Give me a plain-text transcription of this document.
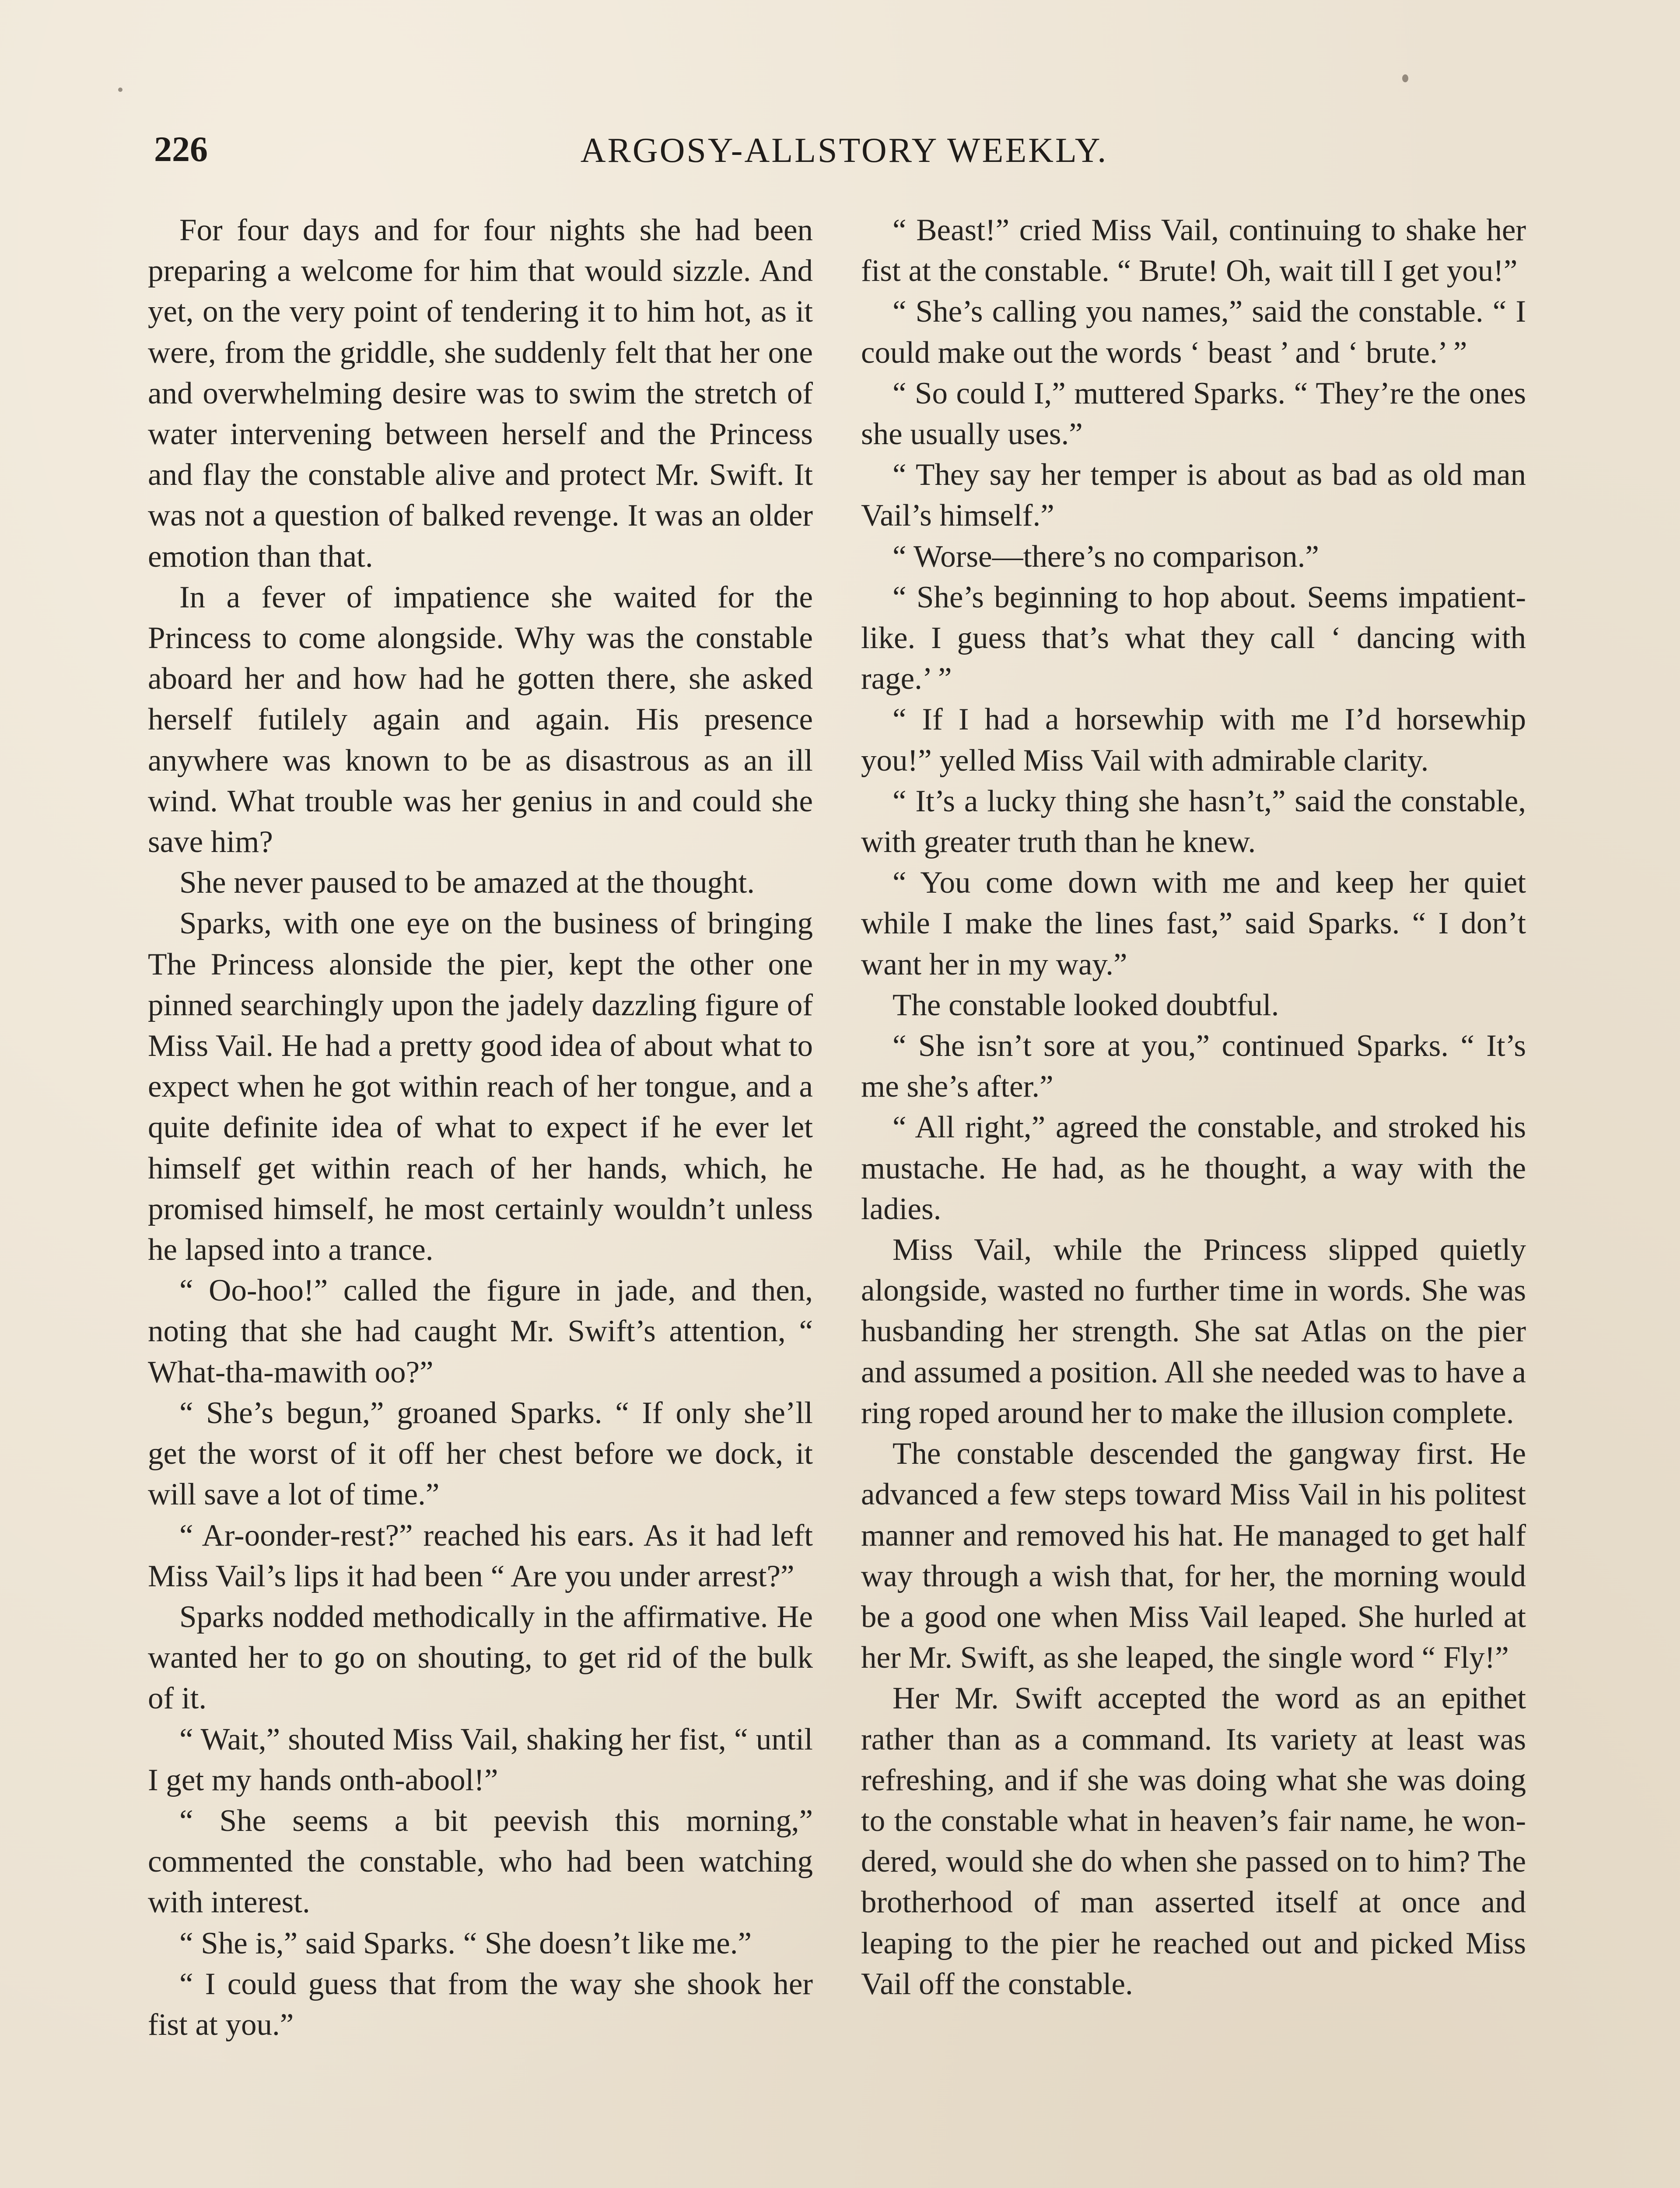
226	ARGOSY-ALLSTORY WEEKLY.

For four days and for four nights she had been preparing a welcome for him that would sizzle. And yet, on the very point of tendering it to him hot, as it were, from the griddle, she suddenly felt that her one and overwhelming desire was to swim the stretch of water intervening between herself and the Princess and flay the constable alive and protect Mr. Swift. It was not a question of balked revenge. It was an older emotion than that.

In a fever of impatience she waited for the Princess to come alongside. Why was the constable aboard her and how had he gotten there, she asked herself futilely again and again. His presence anywhere was known to be as disastrous as an ill wind. What trouble was her genius in and could she save him?

She never paused to be amazed at the thought.

Sparks, with one eye on the business of bringing The Princess alonside the pier, kept the other one pinned searchingly upon the jadely dazzling figure of Miss Vail. He had a pretty good idea of about what to expect when he got within reach of her tongue, and a quite definite idea of what to expect if he ever let himself get within reach of her hands, which, he promised himself, he most certainly wouldn’t unless he lapsed into a trance.

“ Oo-hoo!” called the figure in jade, and then, noting that she had caught Mr. Swift’s attention, “ What-tha-mawith oo?”

“ She’s begun,” groaned Sparks. “ If only she’ll get the worst of it off her chest before we dock, it will save a lot of time.”

“ Ar-oonder-rest?” reached his ears. As it had left Miss Vail’s lips it had been “ Are you under arrest?”

Sparks nodded methodically in the affirmative. He wanted her to go on shouting, to get rid of the bulk of it.

“ Wait,” shouted Miss Vail, shaking her fist, “ until I get my hands onth-abool!”

“ She seems a bit peevish this morning,” commented the constable, who had been watching with interest.

“ She is,” said Sparks. “ She doesn’t like me.”

“ I could guess that from the way she shook her fist at you.”

“ Beast!” cried Miss Vail, continuing to shake her fist at the constable. “ Brute! Oh, wait till I get you!”

“ She’s calling you names,” said the constable. “ I could make out the words ‘ beast ’ and ‘ brute.’ ”

“ So could I,” muttered Sparks. “ They’re the ones she usually uses.”

“ They say her temper is about as bad as old man Vail’s himself.”

“ Worse—there’s no comparison.”

“ She’s beginning to hop about. Seems impatient-like. I guess that’s what they call ‘ dancing with rage.’ ”

“ If I had a horsewhip with me I’d horsewhip you!” yelled Miss Vail with admirable clarity.

“ It’s a lucky thing she hasn’t,” said the constable, with greater truth than he knew.

“ You come down with me and keep her quiet while I make the lines fast,” said Sparks. “ I don’t want her in my way.”

The constable looked doubtful.

“ She isn’t sore at you,” continued Sparks. “ It’s me she’s after.”

“ All right,” agreed the constable, and stroked his mustache. He had, as he thought, a way with the ladies.

Miss Vail, while the Princess slipped quietly alongside, wasted no further time in words. She was husbanding her strength. She sat Atlas on the pier and assumed a position. All she needed was to have a ring roped around her to make the illusion complete.

The constable descended the gangway first. He advanced a few steps toward Miss Vail in his politest manner and removed his hat. He managed to get half way through a wish that, for her, the morning would be a good one when Miss Vail leaped. She hurled at her Mr. Swift, as she leaped, the single word “ Fly!”

Her Mr. Swift accepted the word as an epithet rather than as a command. Its variety at least was refreshing, and if she was doing what she was doing to the constable what in heaven’s fair name, he wondered, would she do when she passed on to him? The brotherhood of man asserted itself at once and leaping to the pier he reached out and picked Miss Vail off the constable.
